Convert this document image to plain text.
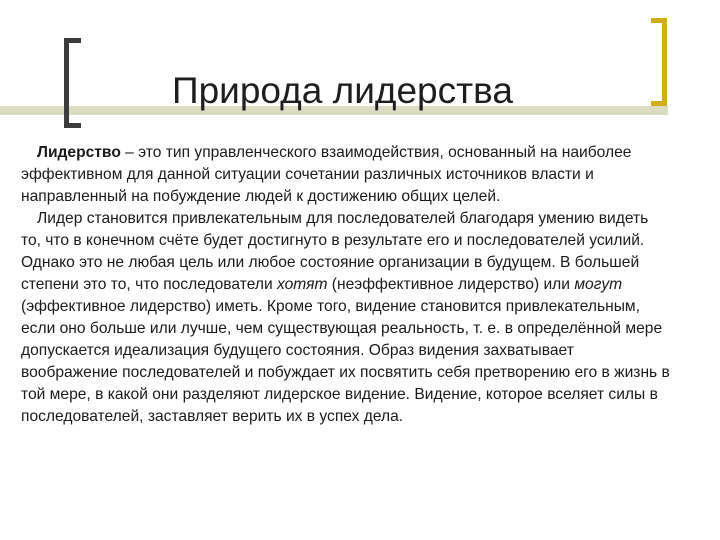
Природа лидерства

Лидерство – это тип управленческого взаимодействия, основанный на наиболее эффективном для данной ситуации сочетании различных источников власти и направленный на побуждение людей к достижению общих целей.

Лидер становится привлекательным для последователей благодаря умению видеть то, что в конечном счёте будет достигнуто в результате его и последователей усилий. Однако это не любая цель или любое состояние организации в будущем. В большей степени это то, что последователи хотят (неэффективное лидерство) или могут (эффективное лидерство) иметь. Кроме того, видение становится привлекательным, если оно больше или лучше, чем существующая реальность, т. е. в определённой мере допускается идеализация будущего состояния. Образ видения захватывает воображение последователей и побуждает их посвятить себя претворению его в жизнь в той мере, в какой они разделяют лидерское видение. Видение, которое вселяет силы в последователей, заставляет верить их в успех дела.
